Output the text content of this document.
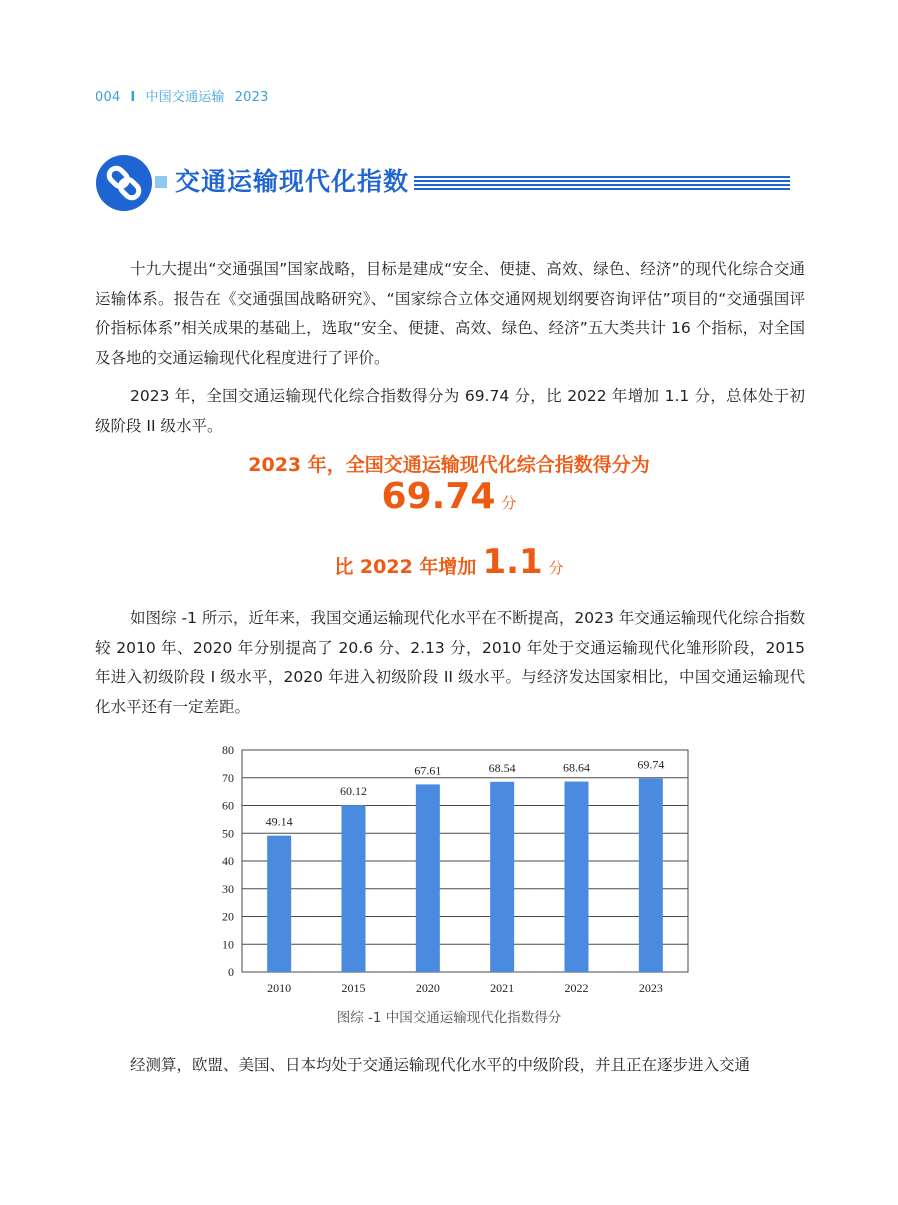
004 I 中国交通运输 2023
交通运输现代化指数

十九大提出“交通强国”国家战略，目标是建成“安全、便捷、高效、绿色、经济”的现代化综合交通运输体系。报告在《交通强国战略研究》、“国家综合立体交通网规划纲要咨询评估”项目的“交通强国评价指标体系”相关成果的基础上，选取“安全、便捷、高效、绿色、经济”五大类共计 16 个指标，对全国及各地的交通运输现代化程度进行了评价。

2023 年，全国交通运输现代化综合指数得分为 69.74 分，比 2022 年增加 1.1 分，总体处于初级阶段 II 级水平。

2023 年，全国交通运输现代化综合指数得分为
69.74 分
比 2022 年增加 1.1 分

如图综 -1 所示，近年来，我国交通运输现代化水平在不断提高，2023 年交通运输现代化综合指数较 2010 年、2020 年分别提高了 20.6 分、2.13 分，2010 年处于交通运输现代化雏形阶段，2015 年进入初级阶段 I 级水平，2020 年进入初级阶段 II 级水平。与经济发达国家相比，中国交通运输现代化水平还有一定差距。

0
10
20
30
40
50
60
70
80
49.14
2010
60.12
2015
67.61
2020
68.54
2021
68.64
2022
69.74
2023
图综 -1 中国交通运输现代化指数得分

经测算，欧盟、美国、日本均处于交通运输现代化水平的中级阶段，并且正在逐步进入交通
